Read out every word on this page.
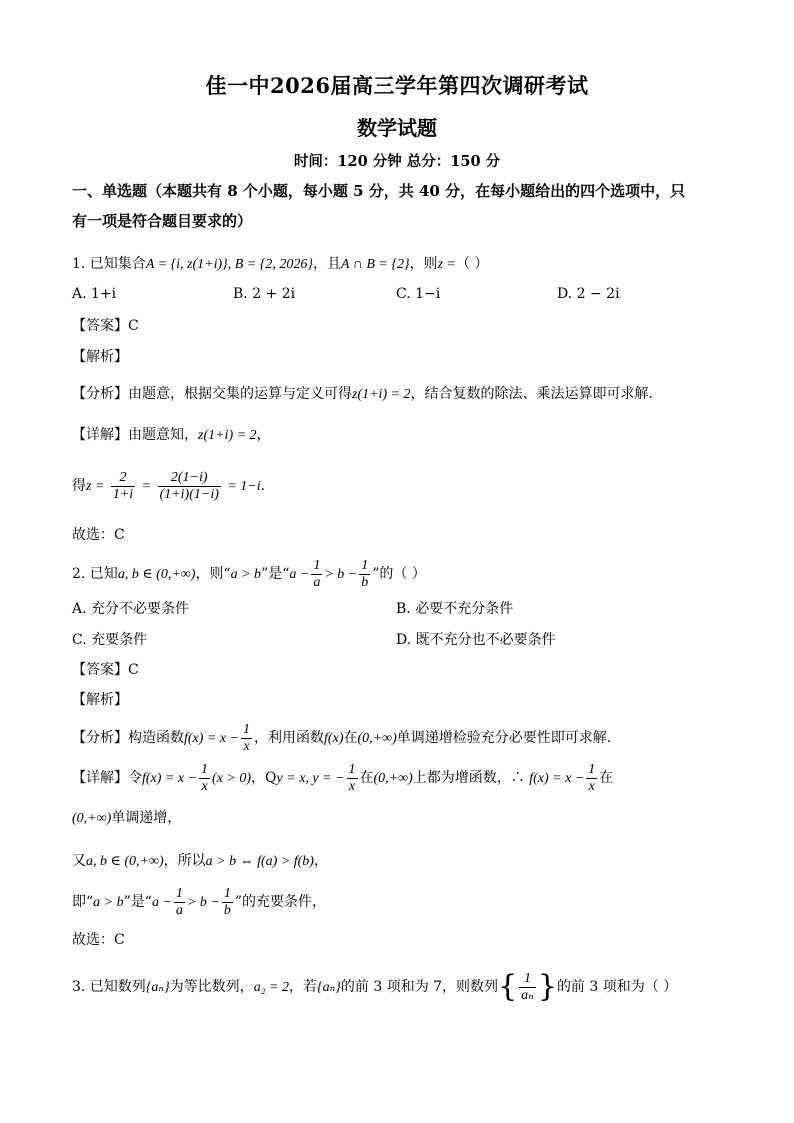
佳一中2026届高三学年第四次调研考试
数学试题
时间：120 分钟 总分：150 分
一、单选题（本题共有 8 个小题，每小题 5 分，共 40 分，在每小题给出的四个选项中，只
有一项是符合题目要求的）
1. 已知集合A = {i, z(1+i)}, B = {2, 2026}，且A ∩ B = {2}，则z =（ ）
A. 1+i	B. 2 + 2i	C. 1−i	D. 2 − 2i
【答案】C
【解析】
【分析】由题意，根据交集的运算与定义可得z(1+i) = 2，结合复数的除法、乘法运算即可求解.
【详解】由题意知，z(1+i) = 2，
得$z = \frac{2}{1+i} = \frac{2(1-i)}{(1+i)(1-i)} = 1-i$.
故选：C
2. 已知a, b ∈ (0,+∞)，则“a > b”是“$a - \frac{1}{a} > b - \frac{1}{b}$ ”的（ ）
A. 充分不必要条件	B. 必要不充分条件
C. 充要条件	D. 既不充分也不必要条件
【答案】C
【解析】
【分析】构造函数$f(x) = x - \frac{1}{x}$ ，利用函数f(x)在(0,+∞)单调递增检验充分必要性即可求解.
【详解】令$f(x) = x - \frac{1}{x} (x > 0)$，Qy = x, y = − $\frac{1}{x}$ 在(0,+∞)上都为增函数，∴ $f(x) = x - \frac{1}{x}$ 在
(0,+∞)单调递增，
又a, b ∈ (0,+∞)，所以a > b ⇔ f(a) > f(b)，
即“a > b”是“$a - \frac{1}{a} > b - \frac{1}{b}$ ”的充要条件，
故选：C
3. 已知数列{aₙ}为等比数列，a₂ = 2，若{aₙ}的前 3 项和为 7，则数列{ $\frac{1}{\text{aₙ}}$ }的前 3 项和为（ ）
